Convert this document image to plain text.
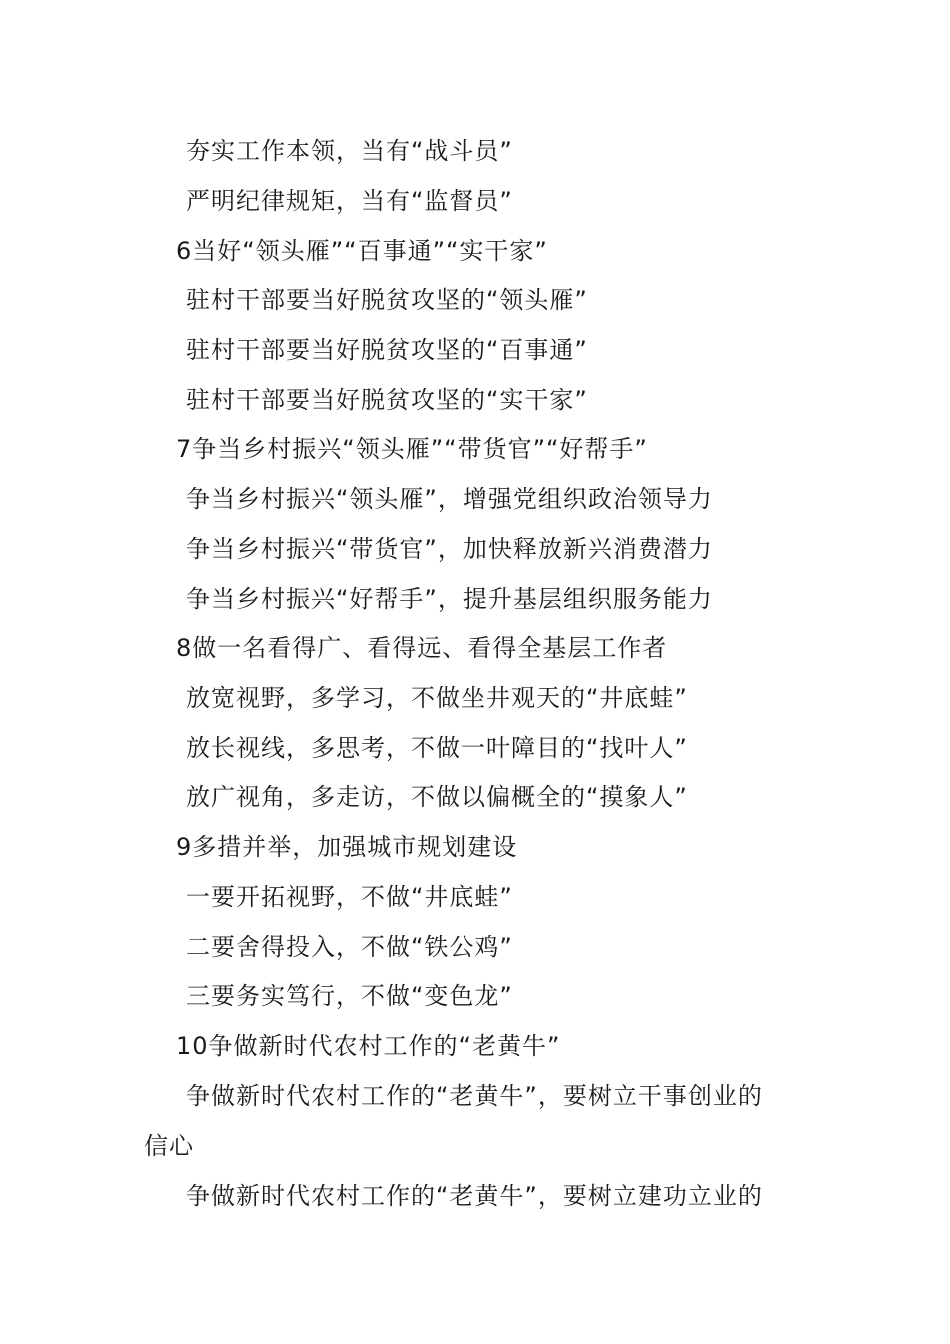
夯实工作本领，当有“战斗员”
严明纪律规矩，当有“监督员”
6当好“领头雁”“百事通”“实干家”
驻村干部要当好脱贫攻坚的“领头雁”
驻村干部要当好脱贫攻坚的“百事通”
驻村干部要当好脱贫攻坚的“实干家”
7争当乡村振兴“领头雁”“带货官”“好帮手”
争当乡村振兴“领头雁”，增强党组织政治领导力
争当乡村振兴“带货官”，加快释放新兴消费潜力
争当乡村振兴“好帮手”，提升基层组织服务能力
8做一名看得广、看得远、看得全基层工作者
放宽视野，多学习，不做坐井观天的“井底蛙”
放长视线，多思考，不做一叶障目的“找叶人”
放广视角，多走访，不做以偏概全的“摸象人”
9多措并举，加强城市规划建设
一要开拓视野，不做“井底蛙”
二要舍得投入，不做“铁公鸡”
三要务实笃行，不做“变色龙”
10争做新时代农村工作的“老黄牛”
争做新时代农村工作的“老黄牛”，要树立干事创业的
信心
争做新时代农村工作的“老黄牛”，要树立建功立业的
